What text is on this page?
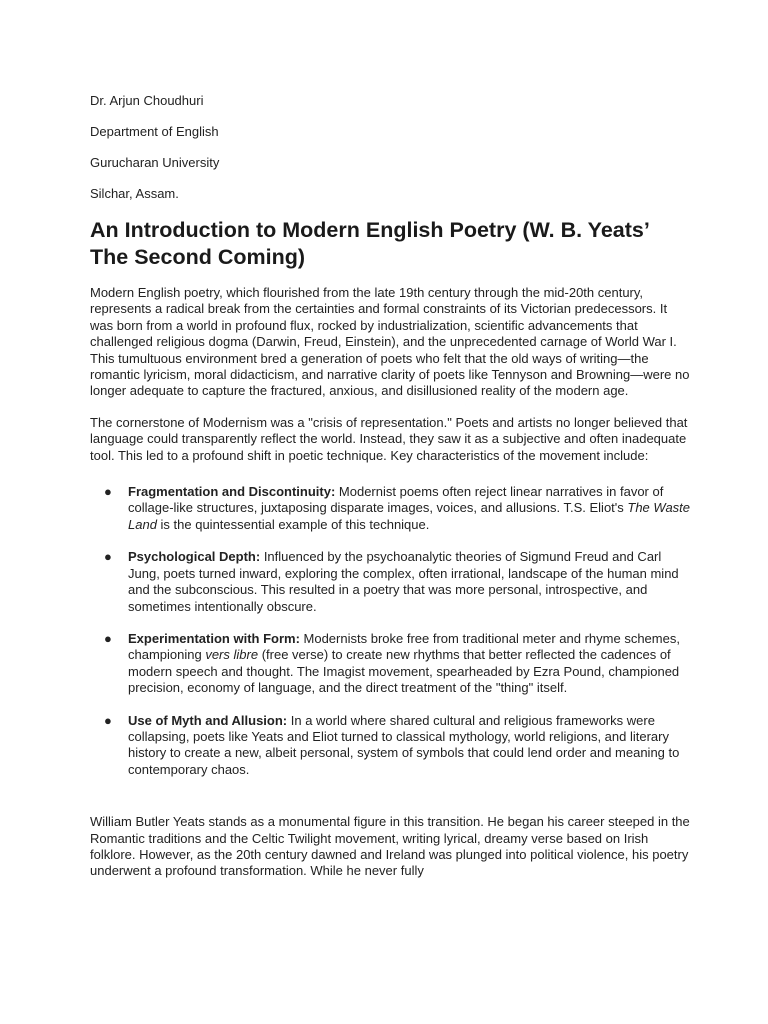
Dr. Arjun Choudhuri
Department of English
Gurucharan University
Silchar, Assam.
An Introduction to Modern English Poetry (W. B. Yeats’ The Second Coming)

Modern English poetry, which flourished from the late 19th century through the mid-20th century, represents a radical break from the certainties and formal constraints of its Victorian predecessors. It was born from a world in profound flux, rocked by industrialization, scientific advancements that challenged religious dogma (Darwin, Freud, Einstein), and the unprecedented carnage of World War I. This tumultuous environment bred a generation of poets who felt that the old ways of writing—the romantic lyricism, moral didacticism, and narrative clarity of poets like Tennyson and Browning—were no longer adequate to capture the fractured, anxious, and disillusioned reality of the modern age.

The cornerstone of Modernism was a "crisis of representation." Poets and artists no longer believed that language could transparently reflect the world. Instead, they saw it as a subjective and often inadequate tool. This led to a profound shift in poetic technique. Key characteristics of the movement include:

● Fragmentation and Discontinuity: Modernist poems often reject linear narratives in favor of collage-like structures, juxtaposing disparate images, voices, and allusions. T.S. Eliot's The Waste Land is the quintessential example of this technique.
● Psychological Depth: Influenced by the psychoanalytic theories of Sigmund Freud and Carl Jung, poets turned inward, exploring the complex, often irrational, landscape of the human mind and the subconscious. This resulted in a poetry that was more personal, introspective, and sometimes intentionally obscure.
● Experimentation with Form: Modernists broke free from traditional meter and rhyme schemes, championing vers libre (free verse) to create new rhythms that better reflected the cadences of modern speech and thought. The Imagist movement, spearheaded by Ezra Pound, championed precision, economy of language, and the direct treatment of the "thing" itself.
● Use of Myth and Allusion: In a world where shared cultural and religious frameworks were collapsing, poets like Yeats and Eliot turned to classical mythology, world religions, and literary history to create a new, albeit personal, system of symbols that could lend order and meaning to contemporary chaos.

William Butler Yeats stands as a monumental figure in this transition. He began his career steeped in the Romantic traditions and the Celtic Twilight movement, writing lyrical, dreamy verse based on Irish folklore. However, as the 20th century dawned and Ireland was plunged into political violence, his poetry underwent a profound transformation. While he never fully
